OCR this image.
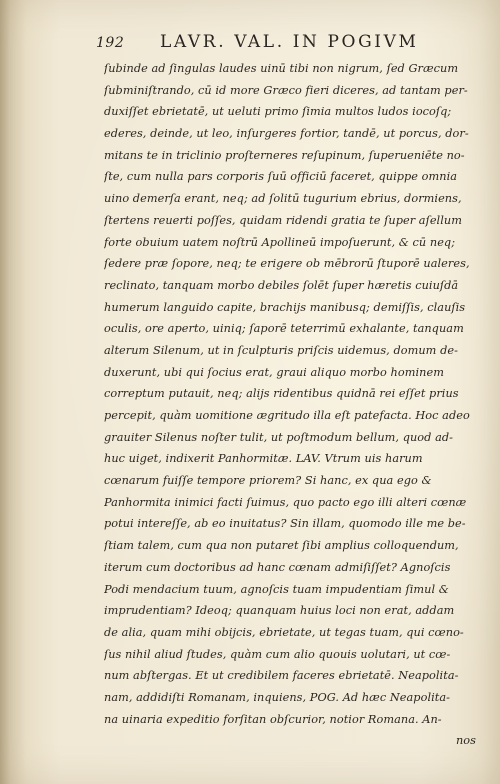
192 LAVR. VAL. IN POGIVM
ſubinde ad ſingulas laudes uinū tibi non nigrum, ſed Græcum
ſubminiſtrando, cū id more Græco fieri diceres, ad tantam per-
duxiſſet ebrietatē, ut ueluti primo ſimia multos ludos iocoſq;
ederes, deinde, ut leo, inſurgeres fortior, tandē, ut porcus, dor-
mitans te in triclinio proſterneres reſupinum, ſuperueniēte no-
ſte, cum nulla pars corporis ſuū officiū faceret, quippe omnia
uino demerſa erant, neq; ad ſolitū tugurium ebrius, dormiens,
ſtertens reuerti poſſes, quidam ridendi gratia te ſuper aſellum
forte obuium uatem noſtrū Apollineū impoſuerunt, & cū neq;
ſedere præ ſopore, neq; te erigere ob mēbrorū ſtuporē ualeres,
reclinato, tanquam morbo debiles ſolēt ſuper hæretis cuiuſdā
humerum languido capite, brachijs manibusq; demiſſis, clauſis
oculis, ore aperto, uiniq; ſaporē teterrimū exhalante, tanquam
alterum Silenum, ut in ſculpturis priſcis uidemus, domum de-
duxerunt, ubi qui ſocius erat, graui aliquo morbo hominem
correptum putauit, neq; alijs ridentibus quidnā rei eſſet prius
percepit, quàm uomitione ægritudo illa eſt patefacta. Hoc adeo
grauiter Silenus noſter tulit, ut poſtmodum bellum, quod ad-
huc uiget, indixerit Panhormitæ. LAV. Vtrum uis harum
cœnarum fuiſſe tempore priorem? Si hanc, ex qua ego &
Panhormita inimici facti ſuimus, quo pacto ego illi alteri cœnæ
potui intereſſe, ab eo inuitatus? Sin illam, quomodo ille me be-
ſtiam talem, cum qua non putaret ſibi amplius colloquendum,
iterum cum doctoribus ad hanc cœnam admiſiſſet? Agnoſcis
Podi mendacium tuum, agnoſcis tuam impudentiam ſimul &
imprudentiam? Ideoq; quanquam huius loci non erat, addam
de alia, quam mihi obijcis, ebrietate, ut tegas tuam, qui cœno-
ſus nihil aliud ſtudes, quàm cum alio quouis uolutari, ut cœ-
num abſtergas. Et ut credibilem faceres ebrietatē. Neapolita-
nam, addidiſti Romanam, inquiens, POG. Ad hæc Neapolita-
na uinaria expeditio forſitan obſcurior, notior Romana. An-
nos
